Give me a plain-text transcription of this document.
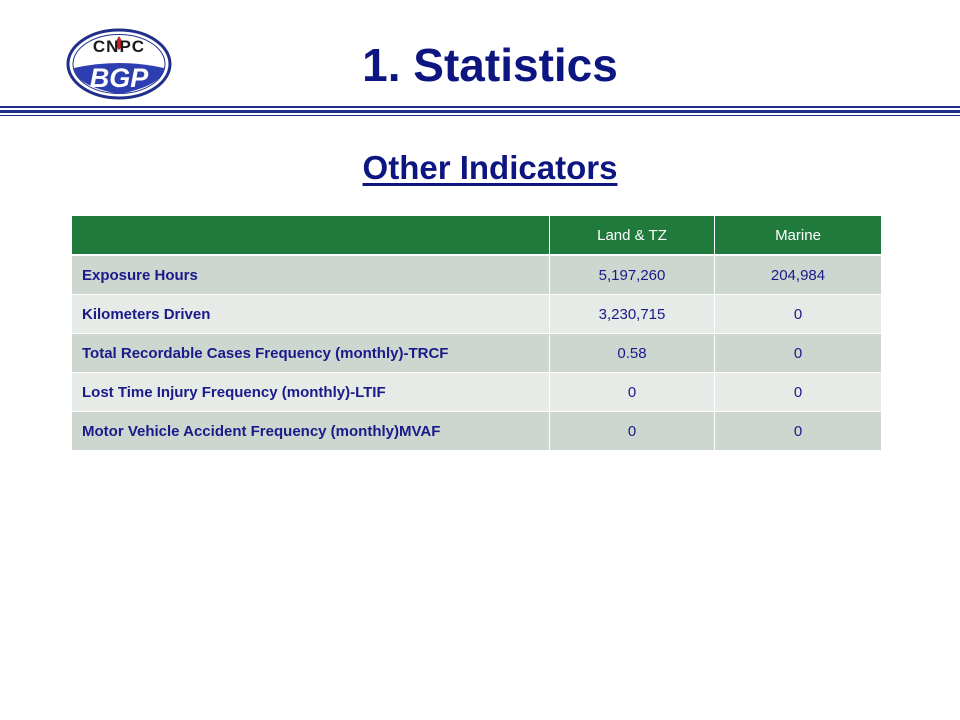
CNPC
BGP	1. Statistics
Other Indicators
	Land & TZ	Marine
Exposure Hours	5,197,260	204,984
Kilometers Driven	3,230,715	0
Total Recordable Cases Frequency (monthly)-TRCF	0.58	0
Lost Time Injury Frequency (monthly)-LTIF	0	0
Motor Vehicle Accident Frequency (monthly)MVAF	0	0
